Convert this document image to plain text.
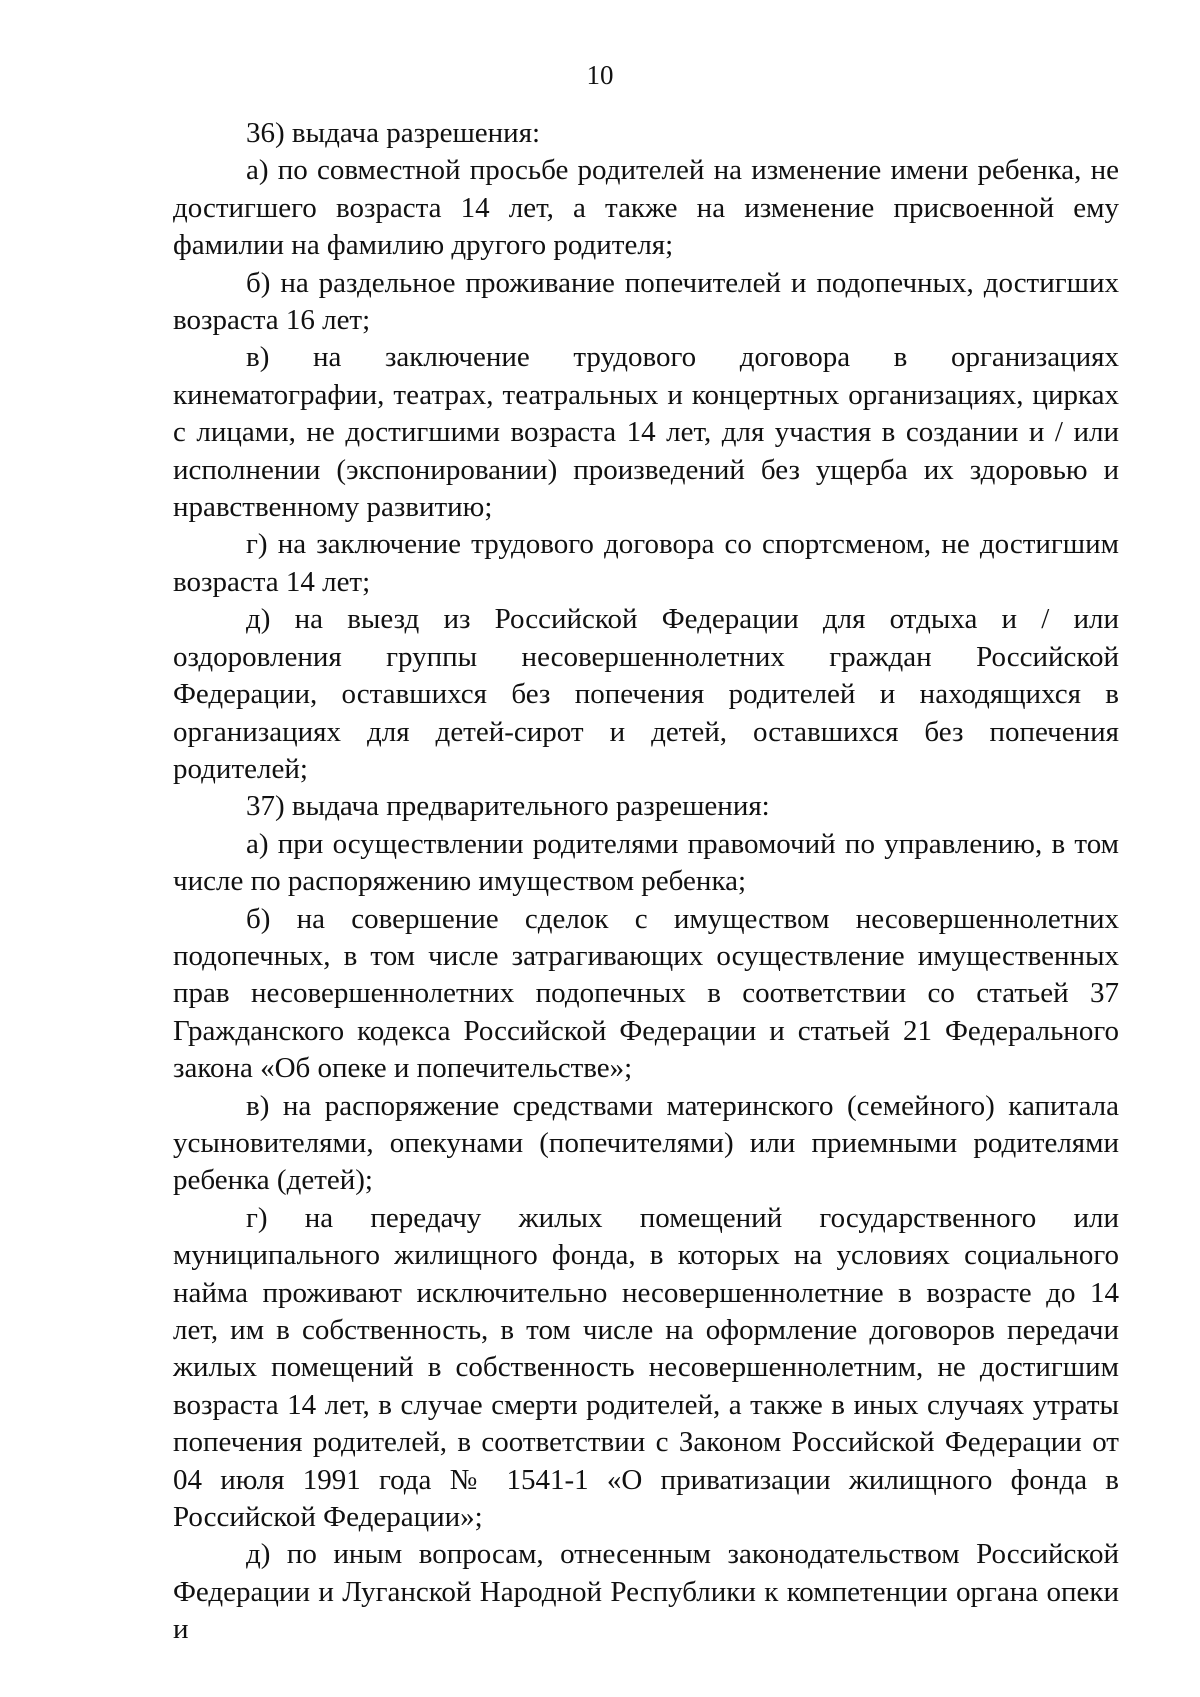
10

36) выдача разрешения:

а) по совместной просьбе родителей на изменение имени ребенка, не достигшего возраста 14 лет, а также на изменение присвоенной ему фамилии на фамилию другого родителя;

б) на раздельное проживание попечителей и подопечных, достигших возраста 16 лет;

в) на заключение трудового договора в организациях кинематографии, театрах, театральных и концертных организациях, цирках с лицами, не достигшими возраста 14 лет, для участия в создании и / или исполнении (экспонировании) произведений без ущерба их здоровью и нравственному развитию;

г) на заключение трудового договора со спортсменом, не достигшим возраста 14 лет;

д) на выезд из Российской Федерации для отдыха и / или оздоровления группы несовершеннолетних граждан Российской Федерации, оставшихся без попечения родителей и находящихся в организациях для детей-сирот и детей, оставшихся без попечения родителей;

37) выдача предварительного разрешения:

а) при осуществлении родителями правомочий по управлению, в том числе по распоряжению имуществом ребенка;

б) на совершение сделок с имуществом несовершеннолетних подопечных, в том числе затрагивающих осуществление имущественных прав несовершеннолетних подопечных в соответствии со статьей 37 Гражданского кодекса Российской Федерации и статьей 21 Федерального закона «Об опеке и попечительстве»;

в) на распоряжение средствами материнского (семейного) капитала усыновителями, опекунами (попечителями) или приемными родителями ребенка (детей);

г) на передачу жилых помещений государственного или муниципального жилищного фонда, в которых на условиях социального найма проживают исключительно несовершеннолетние в возрасте до 14 лет, им в собственность, в том числе на оформление договоров передачи жилых помещений в собственность несовершеннолетним, не достигшим возраста 14 лет, в случае смерти родителей, а также в иных случаях утраты попечения родителей, в соответствии с Законом Российской Федерации от 04 июля 1991 года № 1541-1 «О приватизации жилищного фонда в Российской Федерации»;

д) по иным вопросам, отнесенным законодательством Российской Федерации и Луганской Народной Республики к компетенции органа опеки и
